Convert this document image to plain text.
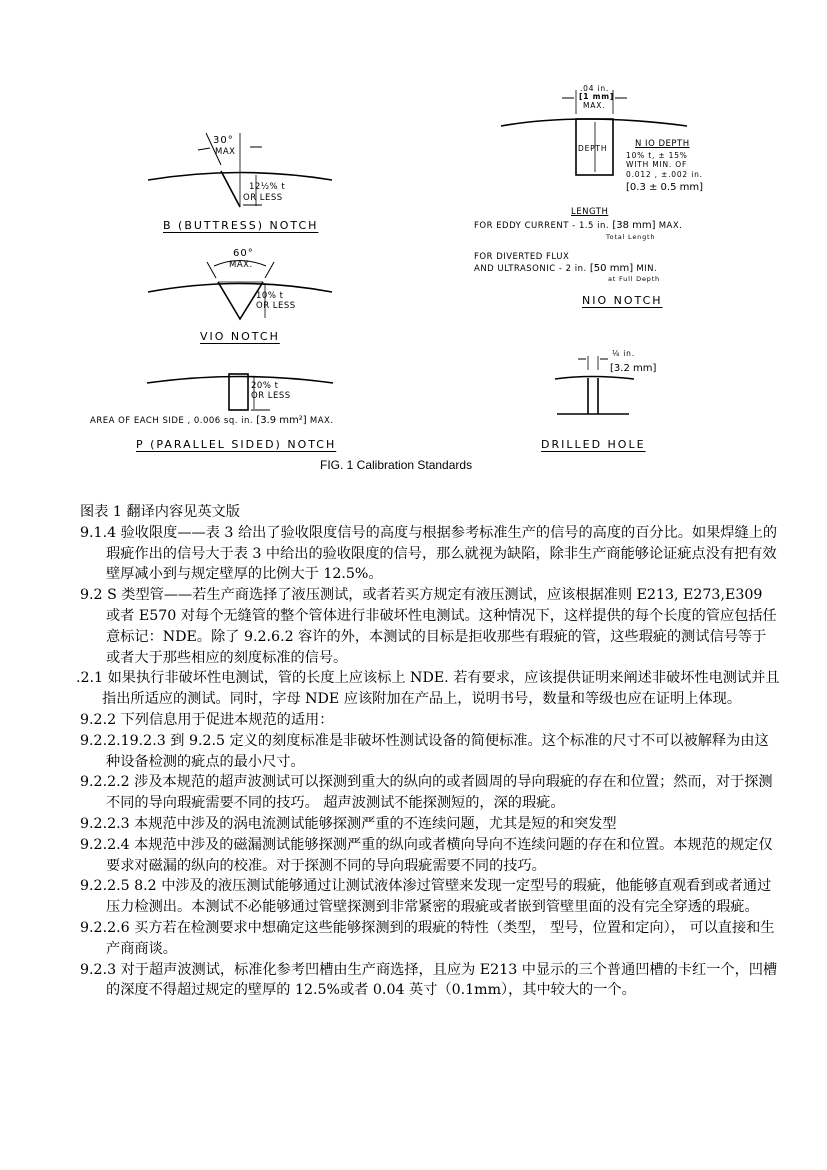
30°
MAX
12½% t
OR LESS
B (BUTTRESS) NOTCH
60°
MAX.
10% t
OR LESS
VIO NOTCH
20% t
OR LESS
AREA OF EACH SIDE , 0.006 sq. in. [3.9 mm²] MAX.
P (PARALLEL SIDED) NOTCH
.04 in.
[1 mm]
MAX.
DEPTH	N IO DEPTH
10% t, ± 15%
WITH MIN. OF
0.012 , ±.002 in.
[0.3 ± 0.5 mm]
LENGTH
FOR EDDY CURRENT - 1.5 in. [38 mm] MAX.
Total Length
FOR DIVERTED FLUX
AND ULTRASONIC - 2 in. [50 mm] MIN.
at Full Depth
NIO NOTCH
⅛ in.
[3.2 mm]
DRILLED HOLE
FIG. 1 Calibration Standards

图表 1 翻译内容见英文版

9.1.4 验收限度——表 3 给出了验收限度信号的高度与根据参考标准生产的信号的高度的百分比。如果焊缝上的瑕疵作出的信号大于表 3 中给出的验收限度的信号，那么就视为缺陷，除非生产商能够论证疵点没有把有效壁厚减小到与规定壁厚的比例大于 12.5%。

9.2 S 类型管——若生产商选择了液压测试，或者若买方规定有液压测试，应该根据准则 E213, E273,E309 或者 E570 对每个无缝管的整个管体进行非破坏性电测试。这种情况下，这样提供的每个长度的管应包括任意标记：NDE。除了 9.2.6.2 容许的外，本测试的目标是拒收那些有瑕疵的管，这些瑕疵的测试信号等于或者大于那些相应的刻度标准的信号。

.2.1 如果执行非破坏性电测试，管的长度上应该标上 NDE. 若有要求，应该提供证明来阐述非破坏性电测试并且指出所适应的测试。同时，字母 NDE 应该附加在产品上，说明书号，数量和等级也应在证明上体现。

9.2.2 下列信息用于促进本规范的适用：

9.2.2.19.2.3 到 9.2.5 定义的刻度标准是非破坏性测试设备的简便标准。这个标准的尺寸不可以被解释为由这种设备检测的疵点的最小尺寸。

9.2.2.2 涉及本规范的超声波测试可以探测到重大的纵向的或者圆周的导向瑕疵的存在和位置；然而，对于探测不同的导向瑕疵需要不同的技巧。 超声波测试不能探测短的，深的瑕疵。

9.2.2.3 本规范中涉及的涡电流测试能够探测严重的不连续问题，尤其是短的和突发型

9.2.2.4 本规范中涉及的磁漏测试能够探测严重的纵向或者横向导向不连续问题的存在和位置。本规范的规定仅要求对磁漏的纵向的校准。对于探测不同的导向瑕疵需要不同的技巧。

9.2.2.5 8.2 中涉及的液压测试能够通过让测试液体渗过管壁来发现一定型号的瑕疵，他能够直观看到或者通过压力检测出。本测试不必能够通过管壁探测到非常紧密的瑕疵或者嵌到管壁里面的没有完全穿透的瑕疵。

9.2.2.6 买方若在检测要求中想确定这些能够探测到的瑕疵的特性（类型， 型号，位置和定向）， 可以直接和生产商商谈。

9.2.3 对于超声波测试，标准化参考凹槽由生产商选择，且应为 E213 中显示的三个普通凹槽的卡红一个，凹槽的深度不得超过规定的壁厚的 12.5%或者 0.04 英寸（0.1mm），其中较大的一个。
